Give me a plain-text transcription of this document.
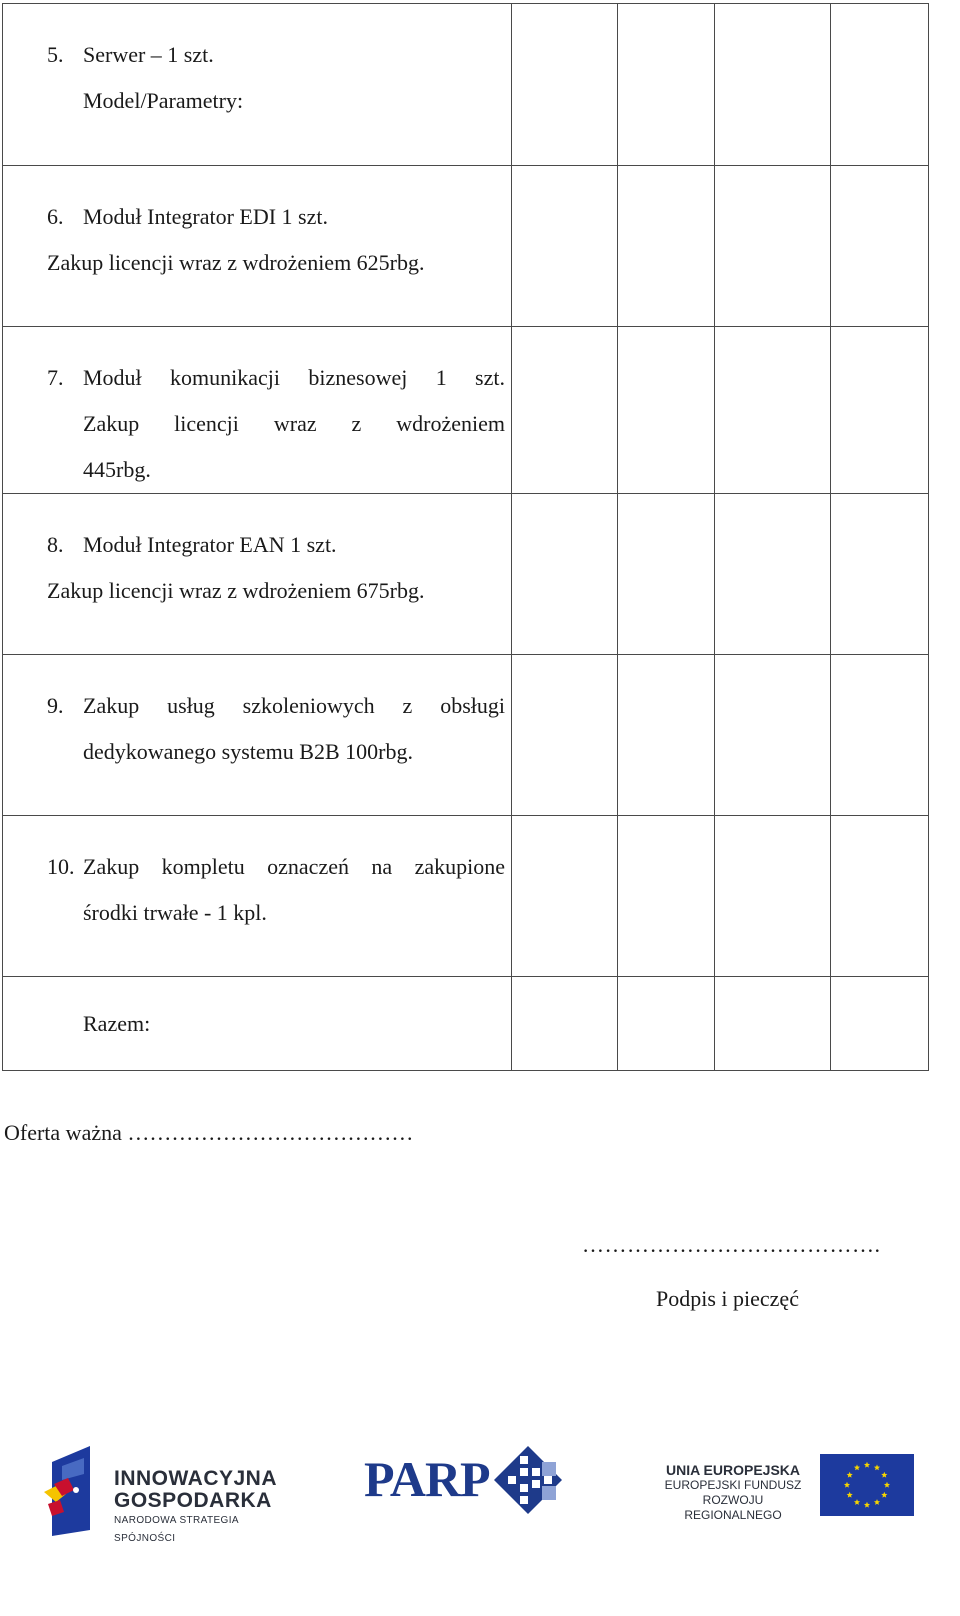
5. Serwer – 1 szt.
Model/Parametry:				

6. Moduł Integrator EDI 1 szt.
Zakup licencji wraz z wdrożeniem 625rbg.				

7. Moduł komunikacji biznesowej 1 szt.
Zakup licencji wraz z wdrożeniem
445rbg.				

8. Moduł Integrator EAN 1 szt.
Zakup licencji wraz z wdrożeniem 675rbg.				

9. Zakup usług szkoleniowych z obsługi
dedykowanego systemu B2B 100rbg.				

10. Zakup kompletu oznaczeń na zakupione
środki trwałe - 1 kpl.				

Razem:				

Oferta ważna …………………………………
………………………………….
Podpis i pieczęć
INNOWACYJNA
GOSPODARKA
NARODOWA STRATEGIA SPÓJNOŚCI
PARP	UNIA EUROPEJSKA
EUROPEJSKI FUNDUSZ
ROZWOJU REGIONALNEGO
